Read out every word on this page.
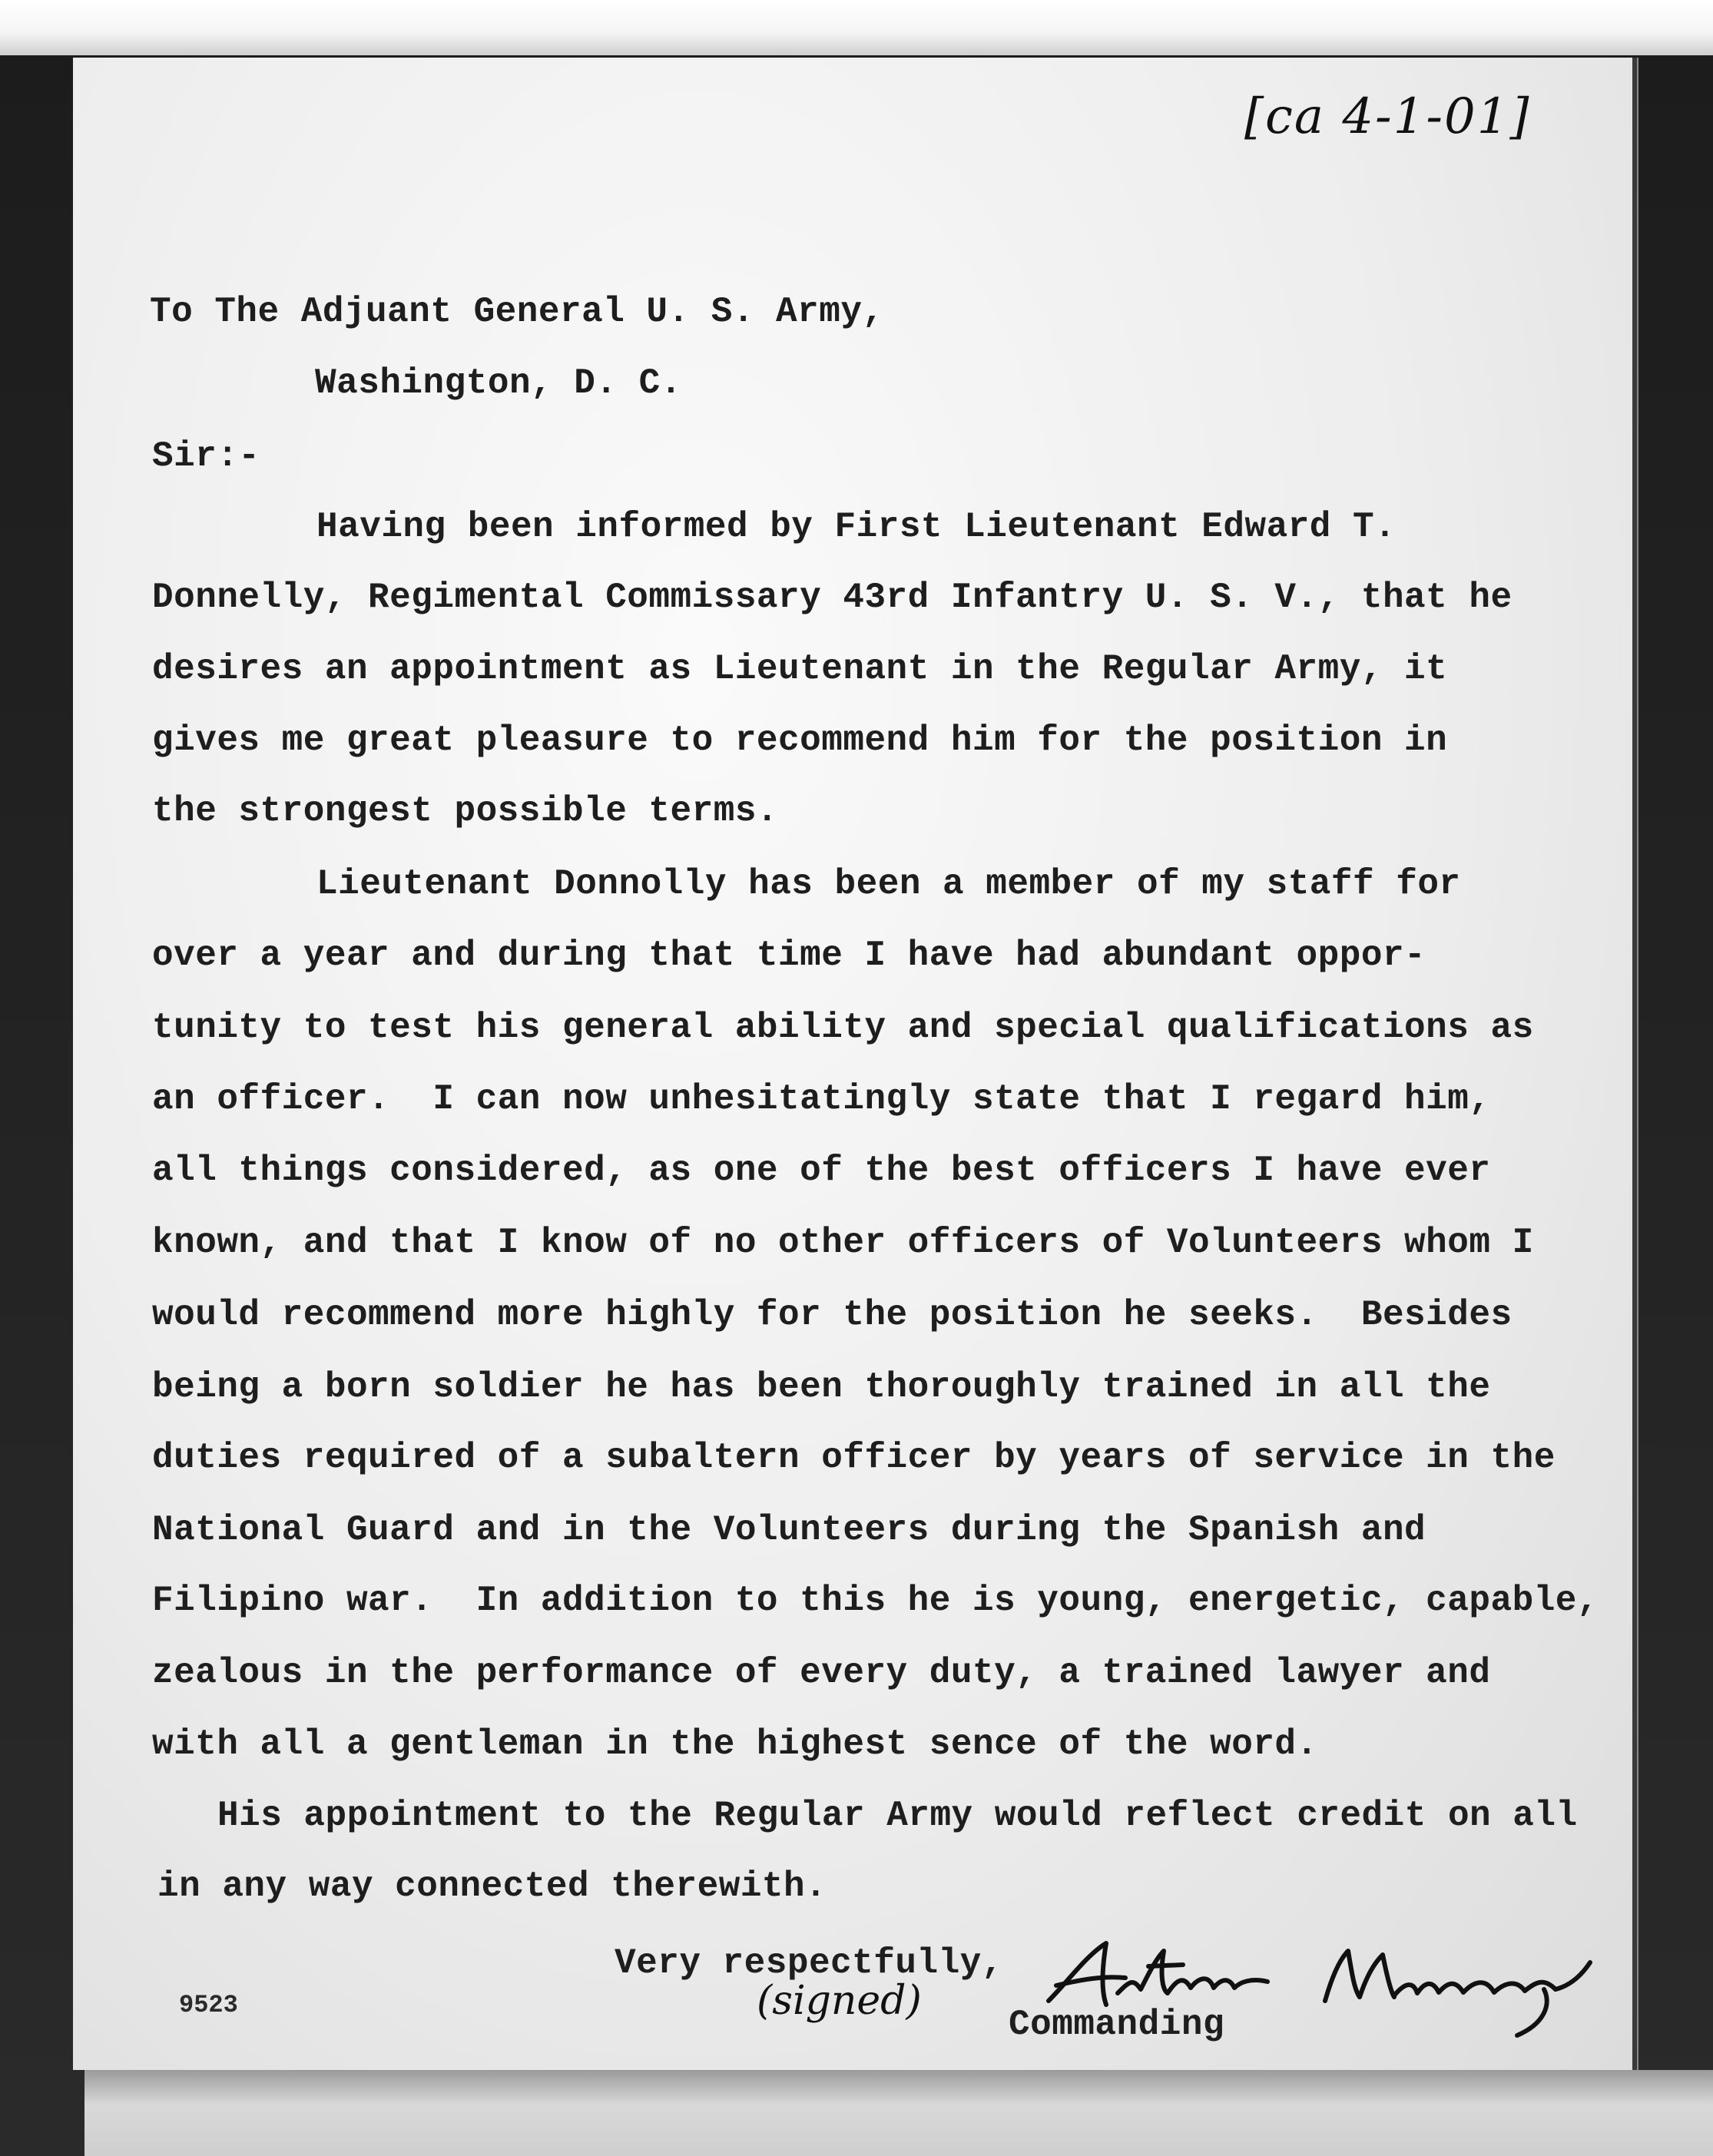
[ca 4-1-01]
To The Adjuant General U. S. Army,
Washington, D. C.
Sir:-
Having been informed by First Lieutenant Edward T.
Donnelly, Regimental Commissary 43rd Infantry U. S. V., that he
desires an appointment as Lieutenant in the Regular Army, it
gives me great pleasure to recommend him for the position in
the strongest possible terms.
Lieutenant Donnolly has been a member of my staff for
over a year and during that time I have had abundant oppor-
tunity to test his general ability and special qualifications as
an officer.  I can now unhesitatingly state that I regard him,
all things considered, as one of the best officers I have ever
known, and that I know of no other officers of Volunteers whom I
would recommend more highly for the position he seeks.  Besides
being a born soldier he has been thoroughly trained in all the
duties required of a subaltern officer by years of service in the
National Guard and in the Volunteers during the Spanish and
Filipino war.  In addition to this he is young, energetic, capable,
zealous in the performance of every duty, a trained lawyer and
with all a gentleman in the highest sence of the word.
His appointment to the Regular Army would reflect credit on all
in any way connected therewith.
Very respectfully,
(signed)
Commanding
9523
